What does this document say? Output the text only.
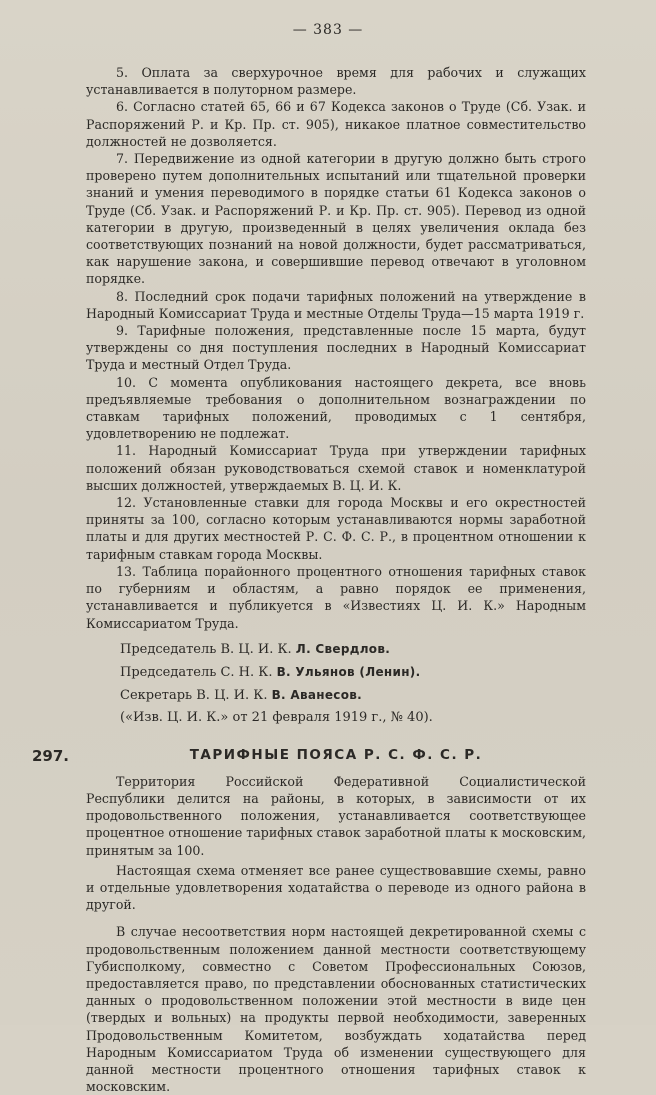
— 383 —

5. Оплата за сверхурочное время для рабочих и служащих устанавливается в полуторном размере.

6. Согласно статей 65, 66 и 67 Кодекса законов о Труде (Сб. Узак. и Распоряжений Р. и Кр. Пр. ст. 905), никакое платное совместительство должностей не дозволяется.

7. Передвижение из одной категории в другую должно быть строго проверено путем дополнительных испытаний или тщательной проверки знаний и умения переводимого в порядке статьи 61 Кодекса законов о Труде (Сб. Узак. и Распоряжений Р. и Кр. Пр. ст. 905). Перевод из одной категории в другую, произведенный в целях увеличения оклада без соответствующих познаний на новой должности, будет рассматриваться, как нарушение закона, и совершившие перевод отвечают в уголовном порядке.

8. Последний срок подачи тарифных положений на утверждение в Народный Комиссариат Труда и местные Отделы Труда—15 марта 1919 г.

9. Тарифные положения, представленные после 15 марта, будут утверждены со дня поступления последних в Народный Комиссариат Труда и местный Отдел Труда.

10. С момента опубликования настоящего декрета, все вновь предъявляемые требования о дополнительном вознаграждении по ставкам тарифных положений, проводимых с 1 сентября, удовлетворению не подлежат.

11. Народный Комиссариат Труда при утверждении тарифных положений обязан руководствоваться схемой ставок и номенклатурой высших должностей, утверждаемых В. Ц. И. К.

12. Установленные ставки для города Москвы и его окрестностей приняты за 100, согласно которым устанавливаются нормы заработной платы и для других местностей Р. С. Ф. С. Р., в процентном отношении к тарифным ставкам города Москвы.

13. Таблица порайонного процентного отношения тарифных ставок по губерниям и областям, а равно порядок ее применения, устанавливается и публикуется в «Известиях Ц. И. К.» Народным Комиссариатом Труда.

Председатель В. Ц. И. К. Л. Свердлов.

Председатель С. Н. К. В. Ульянов (Ленин).

Секретарь В. Ц. И. К. В. Аванесов.

(«Изв. Ц. И. К.» от 21 февраля 1919 г., № 40).

297.	ТАРИФНЫЕ ПОЯСА Р. С. Ф. С. Р.

Территория Российской Федеративной Социалистической Республики делится на районы, в которых, в зависимости от их продовольственного положения, устанавливается соответствующее процентное отношение тарифных ставок заработной платы к московским, принятым за 100.

Настоящая схема отменяет все ранее существовавшие схемы, равно и отдельные удовлетворения ходатайства о переводе из одного района в другой.

В случае несоответствия норм настоящей декретированной схемы с продовольственным положением данной местности соответствующему Губисполкому, совместно с Советом Профессиональных Союзов, предоставляется право, по представлении обоснованных статистических данных о продовольственном положении этой местности в виде цен (твердых и вольных) на продукты первой необходимости, заверенных Продовольственным Комитетом, возбуждать ходатайства перед Народным Комиссариатом Труда об изменении существующего для данной местности процентного отношения тарифных ставок к московским.
